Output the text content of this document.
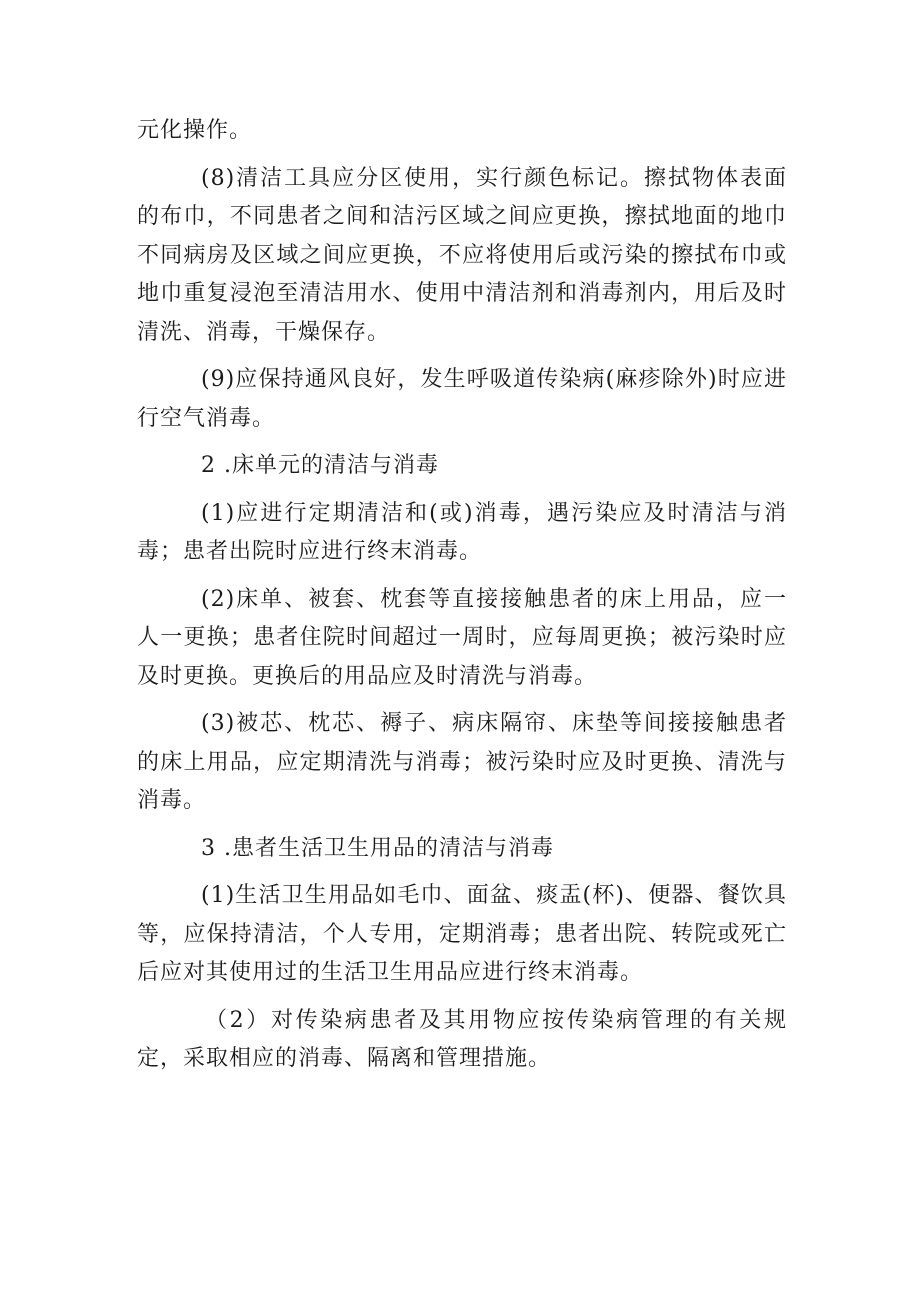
元化操作。

(8)清洁工具应分区使用，实行颜色标记。擦拭物体表面的布巾，不同患者之间和洁污区域之间应更换，擦拭地面的地巾不同病房及区域之间应更换，不应将使用后或污染的擦拭布巾或地巾重复浸泡至清洁用水、使用中清洁剂和消毒剂内，用后及时清洗、消毒，干燥保存。

(9)应保持通风良好，发生呼吸道传染病(麻疹除外)时应进行空气消毒。

2 .床单元的清洁与消毒

(1)应进行定期清洁和(或)消毒，遇污染应及时清洁与消毒；患者出院时应进行终末消毒。

(2)床单、被套、枕套等直接接触患者的床上用品，应一人一更换；患者住院时间超过一周时，应每周更换；被污染时应及时更换。更换后的用品应及时清洗与消毒。

(3)被芯、枕芯、褥子、病床隔帘、床垫等间接接触患者的床上用品，应定期清洗与消毒；被污染时应及时更换、清洗与消毒。

3 .患者生活卫生用品的清洁与消毒

(1)生活卫生用品如毛巾、面盆、痰盂(杯)、便器、餐饮具等，应保持清洁，个人专用，定期消毒；患者出院、转院或死亡后应对其使用过的生活卫生用品应进行终末消毒。

（2）对传染病患者及其用物应按传染病管理的有关规定，采取相应的消毒、隔离和管理措施。
